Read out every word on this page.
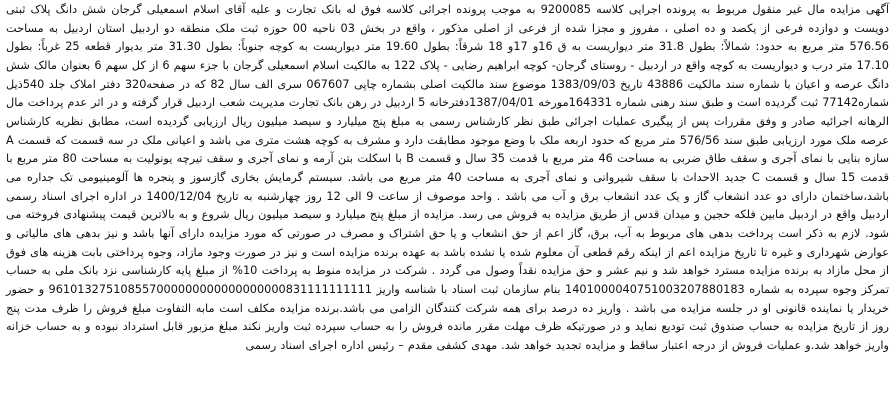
آگهی مزایده مال غیر منقول مربوط به پرونده اجرایی کلاسه 9200085 به موجب پرونده اجرائی کلاسه فوق له بانک تجارت و علیه آقای اسلام اسمعیلی گرجان شش دانگ پلاک ثبتی دویست و دوازده فرعی از یکصد و ده اصلی ، مفروز و مجزا شده از فرعی از اصلی مذکور ، واقع در بخش 03 ناحیه 00 حوزه ثبت ملک منطقه دو اردبیل استان اردبیل به مساحت 576.56 متر مربع به حدود: شمالاً: بطول 31.8 متر دیواریست به ق 16و 17و 18 شرقاً: بطول 19.60 متر دیواریست به کوچه جنوباً: بطول 31.30 متر بدیوار قطعه 25 غرباً: بطول 17.10 متر درب و دیواریست به کوچه واقع در اردبیل - روستای گرجان- کوچه ابراهیم رضایی - پلاک 122 به مالکیت اسلام اسمعیلی گرجان با جزء سهم 6 از کل سهم 6 بعنوان مالک شش دانگ عرصه و اعیان با شماره سند مالکیت 43886 تاریخ 1383/09/03 موضوع سند مالکیت اصلی بشماره چاپی 067607 سری الف سال 82 که در صفحه320 دفتر املاک جلد 540ذیل شماره77142 ثبت گردیده است و طبق سند رهنی شماره 164331مورخه 1387/04/01دفترخانه 5 اردبیل در رهن بانک تجارت مدیریت شعب اردبیل قرار گرفته و در اثر عدم پرداخت مال الرهانه اجرائیه صادر و وفق مقررات پس از پیگیری عملیات اجرائی طبق نظر کارشناس رسمی به مبلغ پنج میلیارد و سیصد میلیون ریال ارزیابی گردیده است، مطابق نظریه کارشناس عرصه ملک مورد ارزیابی طبق سند 576/56 متر مربع که حدود اربعه ملک با وضع موجود مطابقت دارد و مشرف به کوچه هشت متری می باشد و اعیانی ملک در سه قسمت که قسمت A سازه بنایی با نمای آجری و سقف طاق ضربی به مساحت 46 متر مربع با قدمت 35 سال و قسمت B با اسکلت بتن آرمه و نمای آجری و سقف تیرچه یونولیت به مساحت 80 متر مربع با قدمت 15 سال و قسمت C جدید الاحداث با سقف شیروانی و نمای آجری به مساحت 40 متر مربع می باشد. سیستم گرمایش بخاری گازسوز و پنجره ها آلومینیومی تک جداره می باشد،ساختمان دارای دو عدد انشعاب گاز و یک عدد انشعاب برق و آب می باشد . واحد موصوف از ساعت 9 الی 12 روز چهارشنبه به تاریخ 1400/12/04 در اداره اجرای اسناد رسمی اردبیل واقع در اردبیل مابین فلکه حجین و میدان قدس از طریق مزایده به فروش می رسد. مزایده از مبلغ پنج میلیارد و سیصد میلیون ریال شروع و به بالاترین قیمت پیشنهادی فروخته می شود. لازم به ذکر است پرداخت بدهی های مربوط به آب، برق، گاز اعم از حق انشعاب و یا حق اشتراک و مصرف در صورتی که مورد مزایده دارای آنها باشد و نیز بدهی های مالیاتی و عوارض شهرداری و غیره تا تاریخ مزایده اعم از اینکه رقم قطعی آن معلوم شده یا نشده باشد به عهده برنده مزایده است و نیز در صورت وجود مازاد، وجوه پرداختی بابت هزینه های فوق از محل مازاد به برنده مزایده مسترد خواهد شد و نیم عشر و حق مزایده نقداً وصول می گردد . شرکت در مزایده منوط به پرداخت 10% از مبلغ پایه کارشناسی نزد بانک ملی به حساب تمرکز وجوه سپرده به شماره 1401000040751003207880183 بنام سازمان ثبت اسناد با شناسه واریز 961013275108557000000000000000000831111111111 و حضور خریدار یا نماینده قانونی او در جلسه مزایده می باشد . واریز ده درصد برای همه شرکت کنندگان الزامی می باشد.برنده مزایده مکلف است مابه التفاوت مبلغ فروش را ظرف مدت پنج روز از تاریخ مزایده به حساب صندوق ثبت تودیع نماید و در صورتیکه ظرف مهلت مقرر مانده فروش را به حساب سپرده ثبت واریز نکند مبلغ مزبور قابل استرداد نبوده و به حساب خزانه واریز خواهد شد.و عملیات فروش از درجه اعتبار ساقط و مزایده تجدید خواهد شد. مهدی کشفی مقدم – رئیس اداره اجرای اسناد رسمی
